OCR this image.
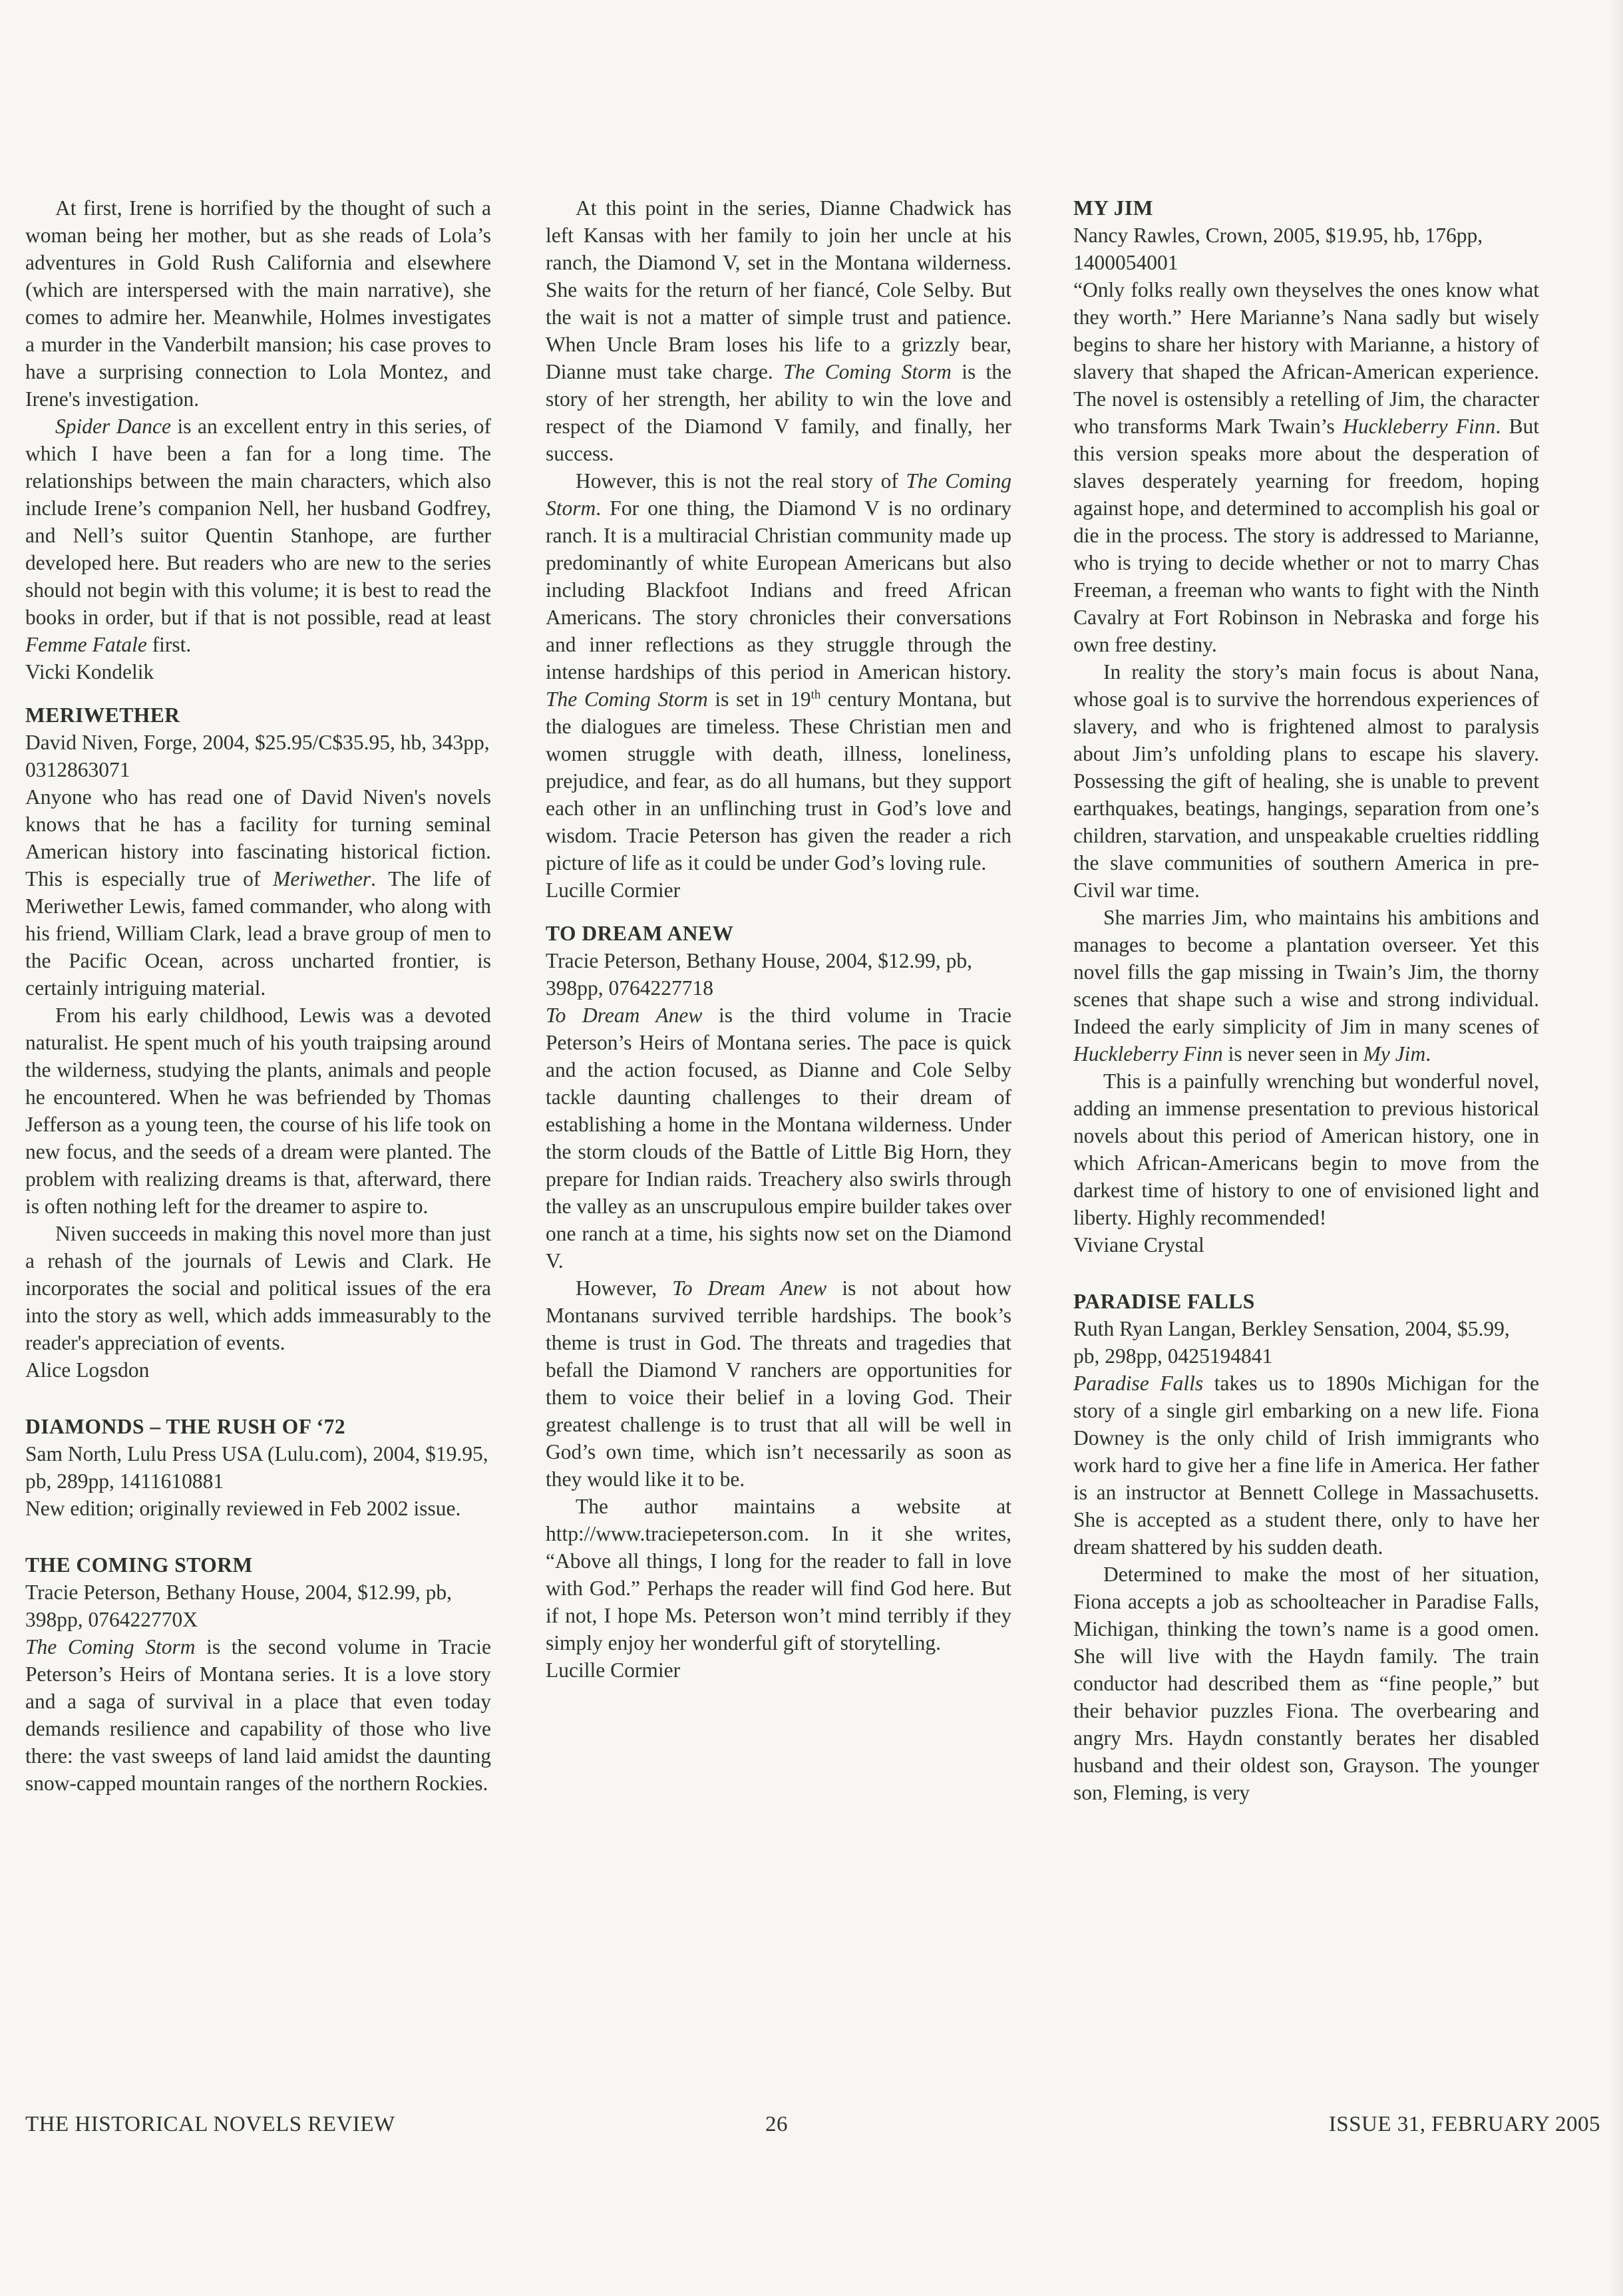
At first, Irene is horrified by the thought of such a woman being her mother, but as she reads of Lola’s adventures in Gold Rush California and elsewhere (which are interspersed with the main narrative), she comes to admire her. Meanwhile, Holmes investigates a murder in the Vanderbilt mansion; his case proves to have a surprising connection to Lola Montez, and Irene's investigation.

Spider Dance is an excellent entry in this series, of which I have been a fan for a long time. The relationships between the main characters, which also include Irene’s companion Nell, her husband Godfrey, and Nell’s suitor Quentin Stanhope, are further developed here. But readers who are new to the series should not begin with this volume; it is best to read the books in order, but if that is not possible, read at least Femme Fatale first.

Vicki Kondelik

MERIWETHER

David Niven, Forge, 2004, $25.95/C$35.95, hb, 343pp, 0312863071

Anyone who has read one of David Niven's novels knows that he has a facility for turning seminal American history into fascinating historical fiction. This is especially true of Meriwether. The life of Meriwether Lewis, famed commander, who along with his friend, William Clark, lead a brave group of men to the Pacific Ocean, across uncharted frontier, is certainly intriguing material.

From his early childhood, Lewis was a devoted naturalist. He spent much of his youth traipsing around the wilderness, studying the plants, animals and people he encountered. When he was befriended by Thomas Jefferson as a young teen, the course of his life took on new focus, and the seeds of a dream were planted. The problem with realizing dreams is that, afterward, there is often nothing left for the dreamer to aspire to.

Niven succeeds in making this novel more than just a rehash of the journals of Lewis and Clark. He incorporates the social and political issues of the era into the story as well, which adds immeasurably to the reader's appreciation of events.

Alice Logsdon

DIAMONDS – THE RUSH OF ‘72

Sam North, Lulu Press USA (Lulu.com), 2004, $19.95, pb, 289pp, 1411610881

New edition; originally reviewed in Feb 2002 issue.

THE COMING STORM

Tracie Peterson, Bethany House, 2004, $12.99, pb, 398pp, 076422770X

The Coming Storm is the second volume in Tracie Peterson’s Heirs of Montana series. It is a love story and a saga of survival in a place that even today demands resilience and capability of those who live there: the vast sweeps of land laid amidst the daunting snow-capped mountain ranges of the northern Rockies.

At this point in the series, Dianne Chadwick has left Kansas with her family to join her uncle at his ranch, the Diamond V, set in the Montana wilderness. She waits for the return of her fiancé, Cole Selby. But the wait is not a matter of simple trust and patience. When Uncle Bram loses his life to a grizzly bear, Dianne must take charge. The Coming Storm is the story of her strength, her ability to win the love and respect of the Diamond V family, and finally, her success.

However, this is not the real story of The Coming Storm. For one thing, the Diamond V is no ordinary ranch. It is a multiracial Christian community made up predominantly of white European Americans but also including Blackfoot Indians and freed African Americans. The story chronicles their conversations and inner reflections as they struggle through the intense hardships of this period in American history. The Coming Storm is set in 19th century Montana, but the dialogues are timeless. These Christian men and women struggle with death, illness, loneliness, prejudice, and fear, as do all humans, but they support each other in an unflinching trust in God’s love and wisdom. Tracie Peterson has given the reader a rich picture of life as it could be under God’s loving rule.

Lucille Cormier

TO DREAM ANEW

Tracie Peterson, Bethany House, 2004, $12.99, pb, 398pp, 0764227718

To Dream Anew is the third volume in Tracie Peterson’s Heirs of Montana series. The pace is quick and the action focused, as Dianne and Cole Selby tackle daunting challenges to their dream of establishing a home in the Montana wilderness. Under the storm clouds of the Battle of Little Big Horn, they prepare for Indian raids. Treachery also swirls through the valley as an unscrupulous empire builder takes over one ranch at a time, his sights now set on the Diamond V.

However, To Dream Anew is not about how Montanans survived terrible hardships. The book’s theme is trust in God. The threats and tragedies that befall the Diamond V ranchers are opportunities for them to voice their belief in a loving God. Their greatest challenge is to trust that all will be well in God’s own time, which isn’t necessarily as soon as they would like it to be.

The author maintains a website at http://www.traciepeterson.com. In it she writes, “Above all things, I long for the reader to fall in love with God.” Perhaps the reader will find God here. But if not, I hope Ms. Peterson won’t mind terribly if they simply enjoy her wonderful gift of storytelling.

Lucille Cormier

MY JIM

Nancy Rawles, Crown, 2005, $19.95, hb, 176pp, 1400054001

“Only folks really own theyselves the ones know what they worth.” Here Marianne’s Nana sadly but wisely begins to share her history with Marianne, a history of slavery that shaped the African-American experience. The novel is ostensibly a retelling of Jim, the character who transforms Mark Twain’s Huckleberry Finn. But this version speaks more about the desperation of slaves desperately yearning for freedom, hoping against hope, and determined to accomplish his goal or die in the process. The story is addressed to Marianne, who is trying to decide whether or not to marry Chas Freeman, a freeman who wants to fight with the Ninth Cavalry at Fort Robinson in Nebraska and forge his own free destiny.

In reality the story’s main focus is about Nana, whose goal is to survive the horrendous experiences of slavery, and who is frightened almost to paralysis about Jim’s unfolding plans to escape his slavery. Possessing the gift of healing, she is unable to prevent earthquakes, beatings, hangings, separation from one’s children, starvation, and unspeakable cruelties riddling the slave communities of southern America in pre-Civil war time.

She marries Jim, who maintains his ambitions and manages to become a plantation overseer. Yet this novel fills the gap missing in Twain’s Jim, the thorny scenes that shape such a wise and strong individual. Indeed the early simplicity of Jim in many scenes of Huckleberry Finn is never seen in My Jim.

This is a painfully wrenching but wonderful novel, adding an immense presentation to previous historical novels about this period of American history, one in which African-Americans begin to move from the darkest time of history to one of envisioned light and liberty. Highly recommended!

Viviane Crystal

PARADISE FALLS

Ruth Ryan Langan, Berkley Sensation, 2004, $5.99, pb, 298pp, 0425194841

Paradise Falls takes us to 1890s Michigan for the story of a single girl embarking on a new life. Fiona Downey is the only child of Irish immigrants who work hard to give her a fine life in America. Her father is an instructor at Bennett College in Massachusetts. She is accepted as a student there, only to have her dream shattered by his sudden death.

Determined to make the most of her situation, Fiona accepts a job as schoolteacher in Paradise Falls, Michigan, thinking the town’s name is a good omen. She will live with the Haydn family. The train conductor had described them as “fine people,” but their behavior puzzles Fiona. The overbearing and angry Mrs. Haydn constantly berates her disabled husband and their oldest son, Grayson. The younger son, Fleming, is very

THE HISTORICAL NOVELS REVIEW	26	ISSUE 31, FEBRUARY 2005
